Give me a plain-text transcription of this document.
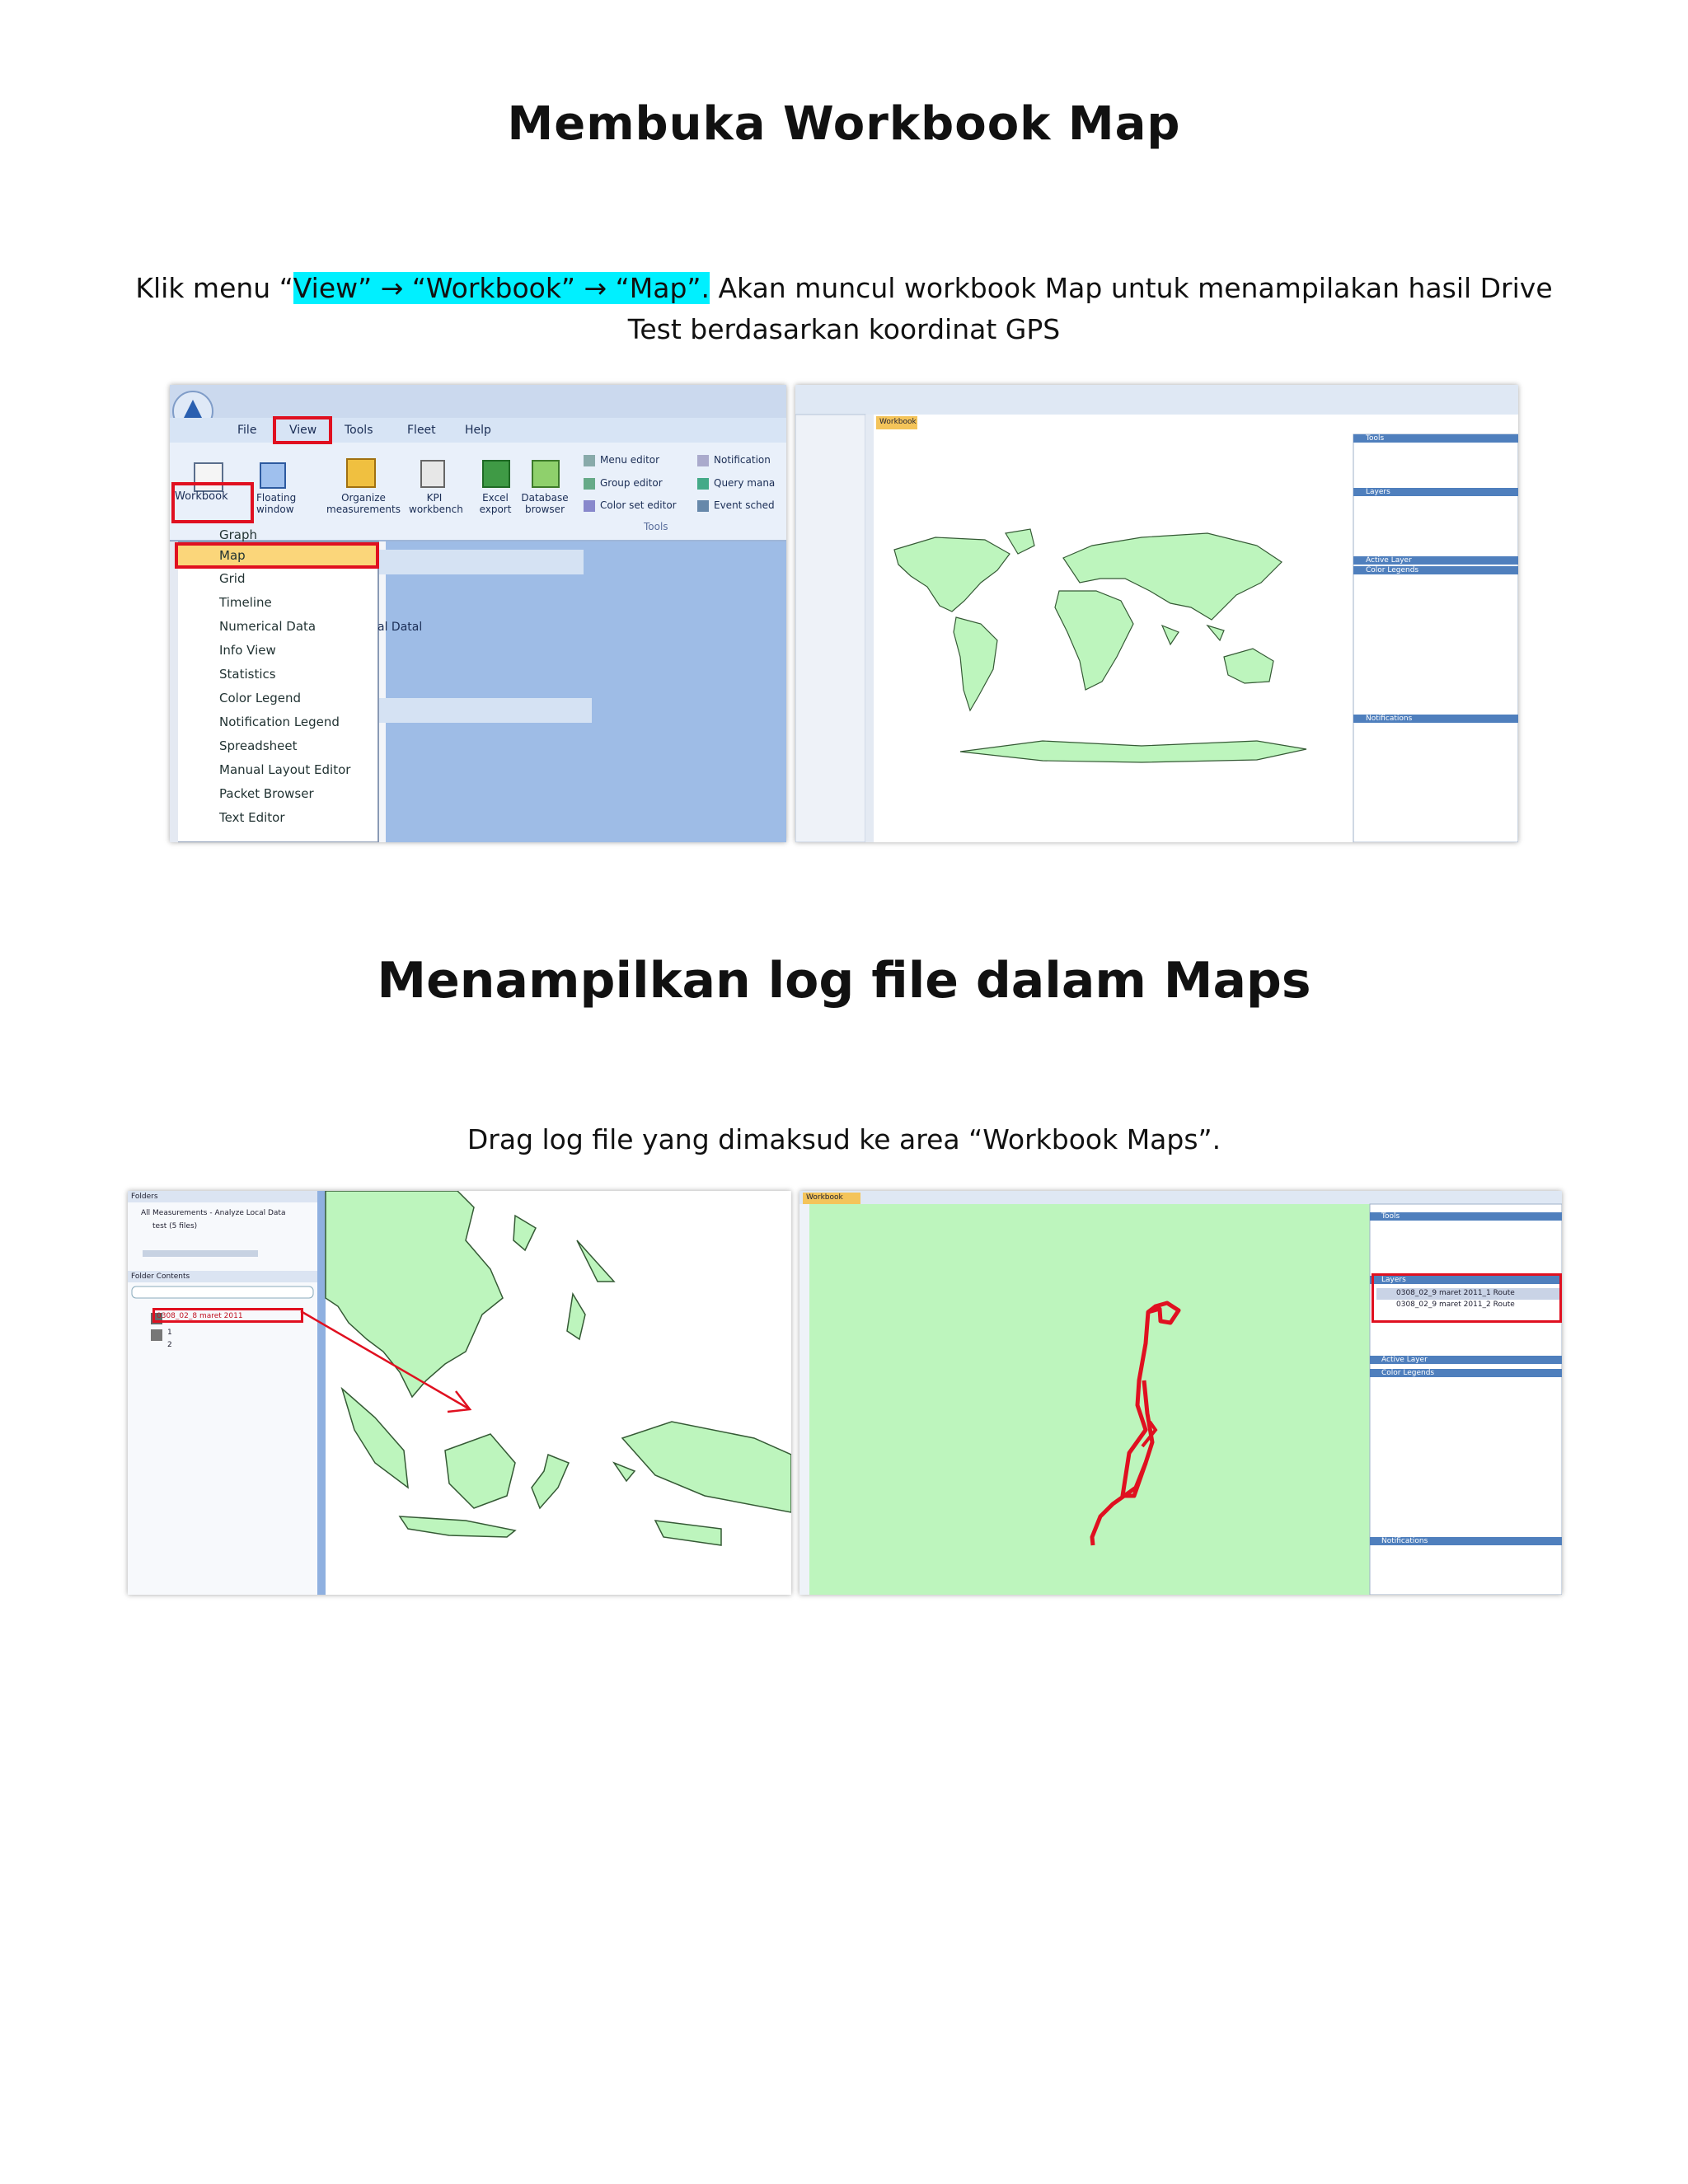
Membuka Workbook Map
Klik menu “View” → “Workbook” → “Map”. Akan muncul workbook Map untuk menampilakan hasil Drive Test berdasarkan koordinat GPS
File	View Tools	Fleet	Help
Workbook	Floating window
Organize measurements
KPI workbench
Excel export
Database browser
Menu editor
Group editor
Color set editor
Notification
Query mana
Event sched
Tools
al Datal
Graph
Map
Grid
Timeline
Numerical Data
Info View
Statistics
Color Legend
Notification Legend
Spreadsheet
Manual Layout Editor
Packet Browser
Text Editor
Workbook
Tools
Layers
Active Layer
Color Legends
Notifications
Menampilkan log file dalam Maps
Drag log file yang dimaksud ke area “Workbook Maps”.
Folders
All Measurements - Analyze Local Data
test (5 files)
Folder Contents
0308_02_8 maret 2011
1
2
Workbook
Tools
Layers
0308_02_9 maret 2011_1 Route
0308_02_9 maret 2011_2 Route
Active Layer
Color Legends
Notifications
